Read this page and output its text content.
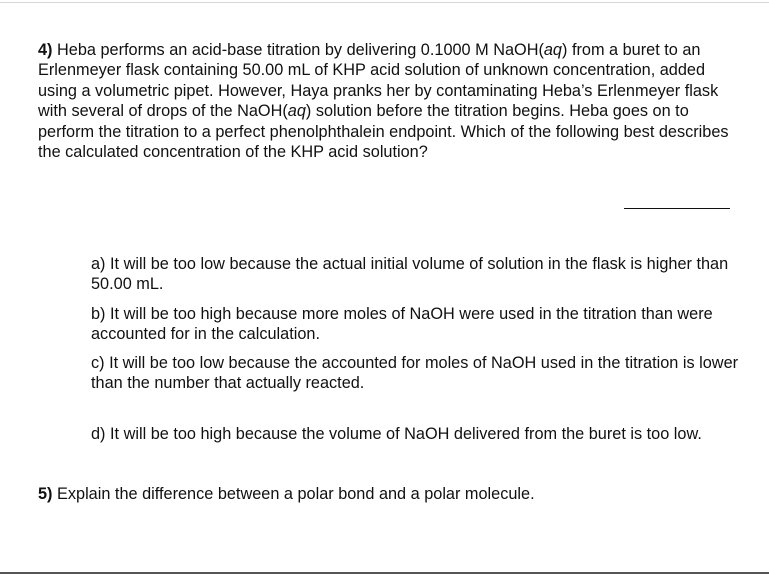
4) Heba performs an acid-base titration by delivering 0.1000 M NaOH(aq) from a buret to an Erlenmeyer flask containing 50.00 mL of KHP acid solution of unknown concentration, added using a volumetric pipet. However, Haya pranks her by contaminating Heba’s Erlenmeyer flask with several of drops of the NaOH(aq) solution before the titration begins. Heba goes on to perform the titration to a perfect phenolphthalein endpoint. Which of the following best describes the calculated concentration of the KHP acid solution?
a) It will be too low because the actual initial volume of solution in the flask is higher than 50.00 mL.
b) It will be too high because more moles of NaOH were used in the titration than were accounted for in the calculation.
c) It will be too low because the accounted for moles of NaOH used in the titration is lower than the number that actually reacted.
d) It will be too high because the volume of NaOH delivered from the buret is too low.
5) Explain the difference between a polar bond and a polar molecule.
